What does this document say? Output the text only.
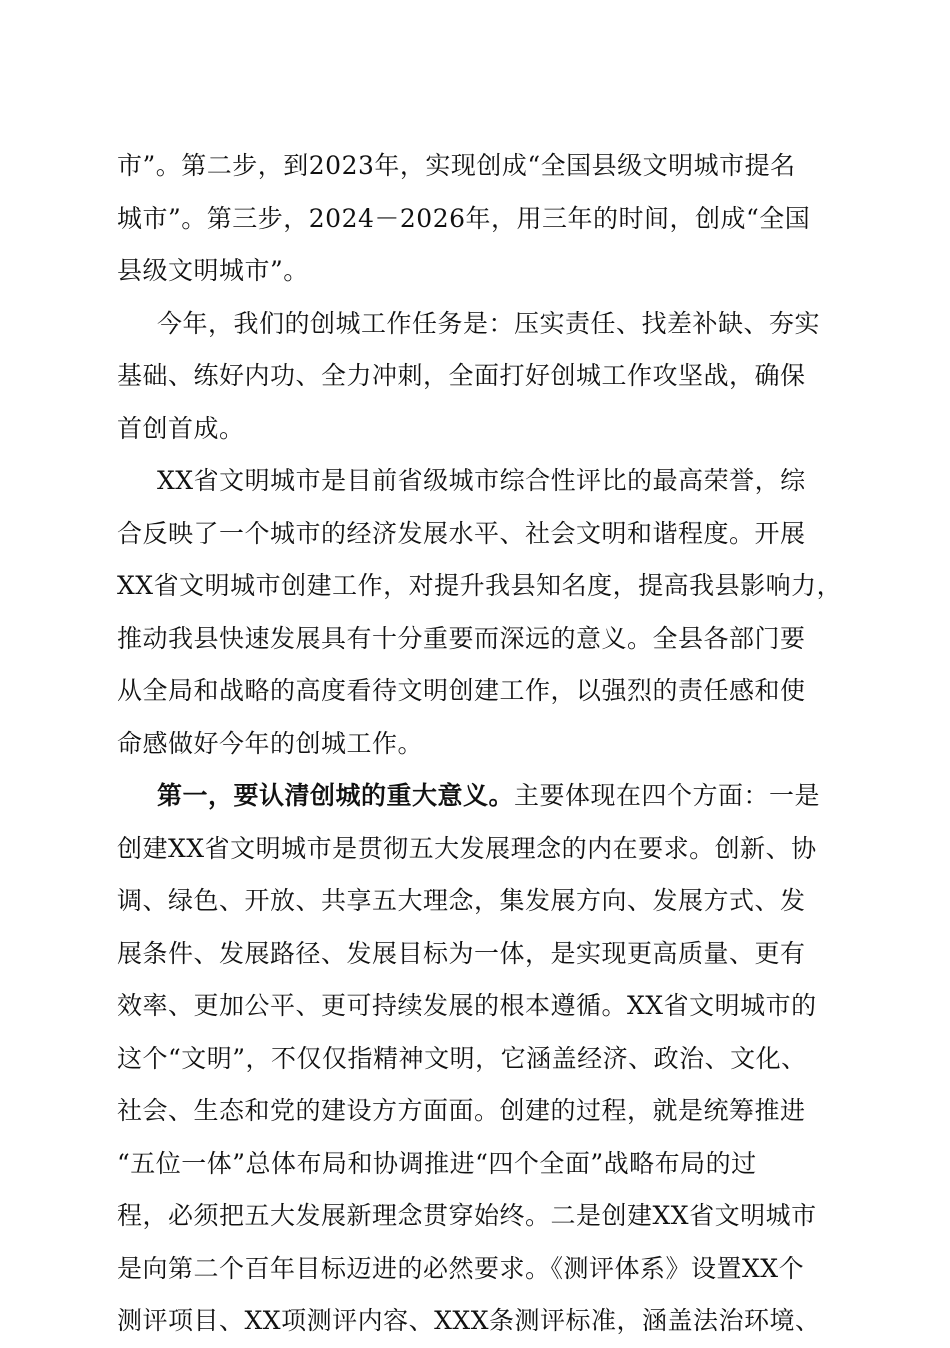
市”。第二步，到2023年，实现创成“全国县级文明城市提名
城市”。第三步，2024－2026年，用三年的时间，创成“全国
县级文明城市”。
今年，我们的创城工作任务是：压实责任、找差补缺、夯实
基础、练好内功、全力冲刺，全面打好创城工作攻坚战，确保
首创首成。
XX省文明城市是目前省级城市综合性评比的最高荣誉，综
合反映了一个城市的经济发展水平、社会文明和谐程度。开展
XX省文明城市创建工作，对提升我县知名度，提高我县影响力，
推动我县快速发展具有十分重要而深远的意义。全县各部门要
从全局和战略的高度看待文明创建工作，以强烈的责任感和使
命感做好今年的创城工作。
第一，要认清创城的重大意义。主要体现在四个方面：一是
创建XX省文明城市是贯彻五大发展理念的内在要求。创新、协
调、绿色、开放、共享五大理念，集发展方向、发展方式、发
展条件、发展路径、发展目标为一体，是实现更高质量、更有
效率、更加公平、更可持续发展的根本遵循。XX省文明城市的
这个“文明”，不仅仅指精神文明，它涵盖经济、政治、文化、
社会、生态和党的建设方方面面。创建的过程，就是统筹推进
“五位一体”总体布局和协调推进“四个全面”战略布局的过
程，必须把五大发展新理念贯穿始终。二是创建XX省文明城市
是向第二个百年目标迈进的必然要求。《测评体系》设置XX个
测评项目、XX项测评内容、XXX条测评标准，涵盖法治环境、
